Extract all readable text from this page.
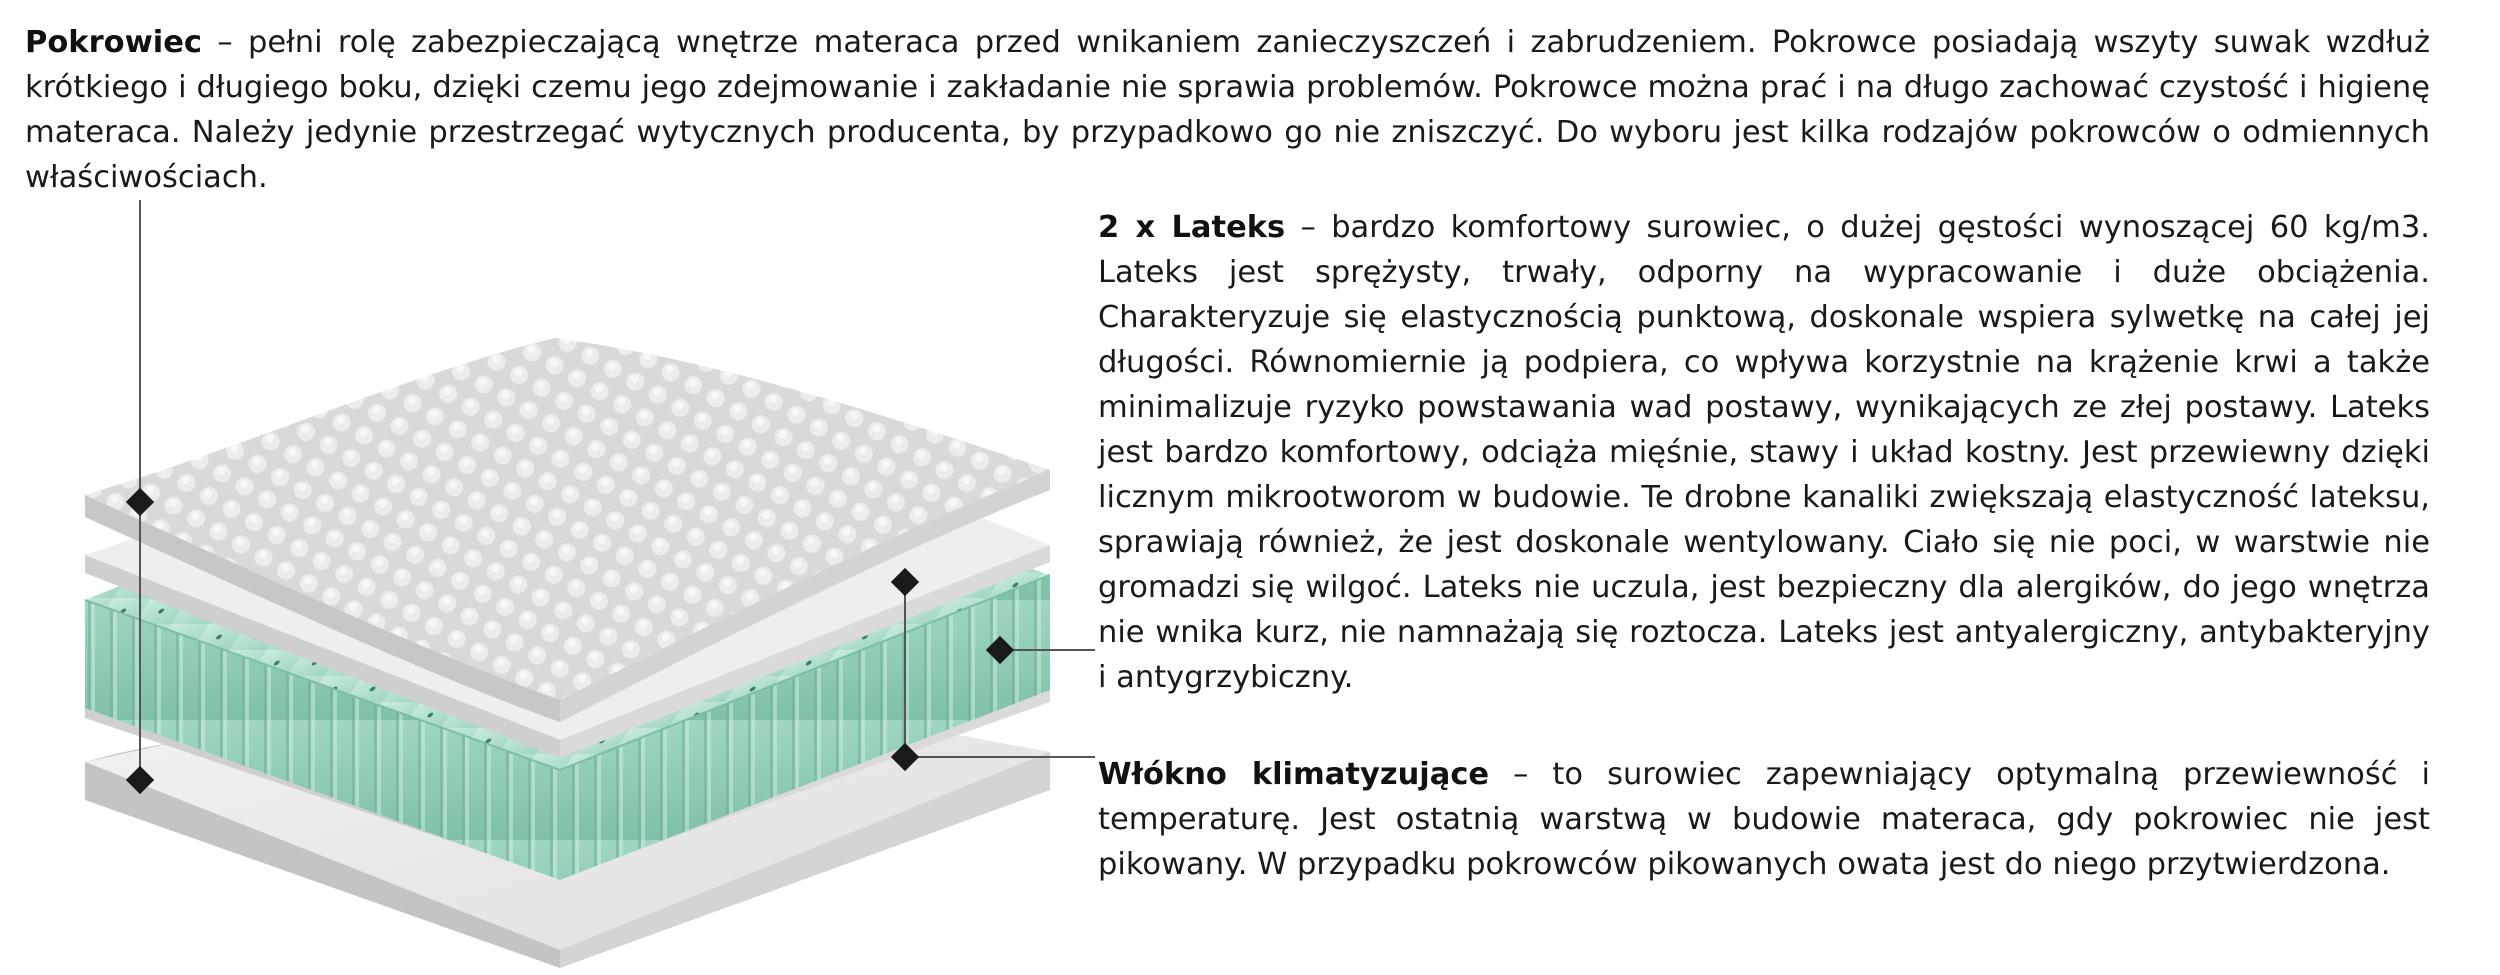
Pokrowiec – pełni rolę zabezpieczającą wnętrze materaca przed wnikaniem zanieczyszczeń i zabrudzeniem. Pokrowce posiadają wszyty suwak wzdłuż krótkiego i długiego boku, dzięki czemu jego zdejmowanie i zakładanie nie sprawia problemów. Pokrowce można prać i na długo zachować czystość i higienę materaca. Należy jedynie przestrzegać wytycznych producenta, by przypadkowo go nie zniszczyć. Do wyboru jest kilka rodzajów pokrowców o odmiennych właściwościach.

2 x Lateks – bardzo komfortowy surowiec, o dużej gęstości wynoszącej 60 kg/m3. Lateks jest sprężysty, trwały, odporny na wypracowanie i duże obciążenia. Charakteryzuje się elastycznością punktową, doskonale wspiera sylwetkę na całej jej długości. Równomiernie ją podpiera, co wpływa korzystnie na krążenie krwi a także minimalizuje ryzyko powstawania wad postawy, wynikających ze złej postawy. Lateks jest bardzo komfortowy, odciąża mięśnie, stawy i układ kostny. Jest przewiewny dzięki licznym mikrootworom w budowie. Te drobne kanaliki zwiększają elastyczność lateksu, sprawiają również, że jest doskonale wentylowany. Ciało się nie poci, w warstwie nie gromadzi się wilgoć. Lateks nie uczula, jest bezpieczny dla alergików, do jego wnętrza nie wnika kurz, nie namnażają się roztocza. Lateks jest antyalergiczny, antybakteryjny i antygrzybiczny.

Włókno klimatyzujące – to surowiec zapewniający optymalną przewiewność i temperaturę. Jest ostatnią warstwą w budowie materaca, gdy pokrowiec nie jest pikowany. W przypadku pokrowców pikowanych owata jest do niego przytwierdzona.
